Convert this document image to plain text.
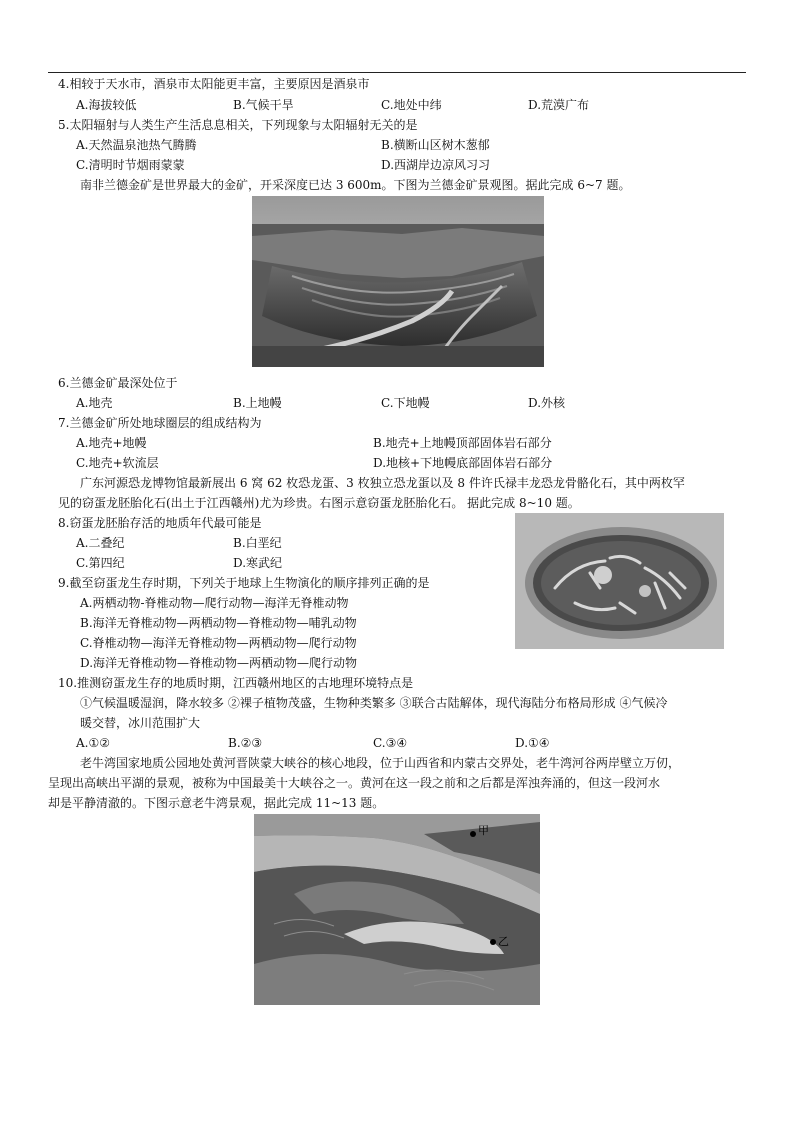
4.相较于天水市，酒泉市太阳能更丰富，主要原因是酒泉市
A.海拔较低	B.气候干旱	C.地处中纬	D.荒漠广布
5.太阳辐射与人类生产生活息息相关，下列现象与太阳辐射无关的是
A.天然温泉池热气腾腾	B.横断山区树木葱郁
C.清明时节烟雨蒙蒙	D.西湖岸边凉风习习
南非兰德金矿是世界最大的金矿，开采深度已达 3 600m。下图为兰德金矿景观图。据此完成 6~7 题。
6.兰德金矿最深处位于
A.地壳	B.上地幔	C.下地幔	D.外核
7.兰德金矿所处地球圈层的组成结构为
A.地壳+地幔	B.地壳+上地幔顶部固体岩石部分
C.地壳+软流层	D.地核+下地幔底部固体岩石部分
广东河源恐龙博物馆最新展出 6 窝 62 枚恐龙蛋、3 枚独立恐龙蛋以及 8 件许氏禄丰龙恐龙骨骼化石，其中两枚罕
见的窃蛋龙胚胎化石(出土于江西赣州)尤为珍贵。右图示意窃蛋龙胚胎化石。 据此完成 8~10 题。
8.窃蛋龙胚胎存活的地质年代最可能是
A.二叠纪	B.白垩纪
C.第四纪	D.寒武纪
9.截至窃蛋龙生存时期，下列关于地球上生物演化的顺序排列正确的是
A.两栖动物-脊椎动物—爬行动物—海洋无脊椎动物
B.海洋无脊椎动物—两栖动物—脊椎动物—哺乳动物
C.脊椎动物—海洋无脊椎动物—两栖动物—爬行动物
D.海洋无脊椎动物—脊椎动物—两栖动物—爬行动物
10.推测窃蛋龙生存的地质时期，江西赣州地区的古地理环境特点是
①气候温暖湿润，降水较多 ②裸子植物茂盛，生物种类繁多 ③联合古陆解体，现代海陆分布格局形成 ④气候冷
暖交替，冰川范围扩大
A.①②	B.②③	C.③④	D.①④
老牛湾国家地质公园地处黄河晋陕蒙大峡谷的核心地段，位于山西省和内蒙古交界处，老牛湾河谷两岸壁立万仞，
呈现出高峡出平湖的景观，被称为中国最美十大峡谷之一。黄河在这一段之前和之后都是浑浊奔涌的，但这一段河水
却是平静清澈的。下图示意老牛湾景观，据此完成 11~13 题。
甲
乙
